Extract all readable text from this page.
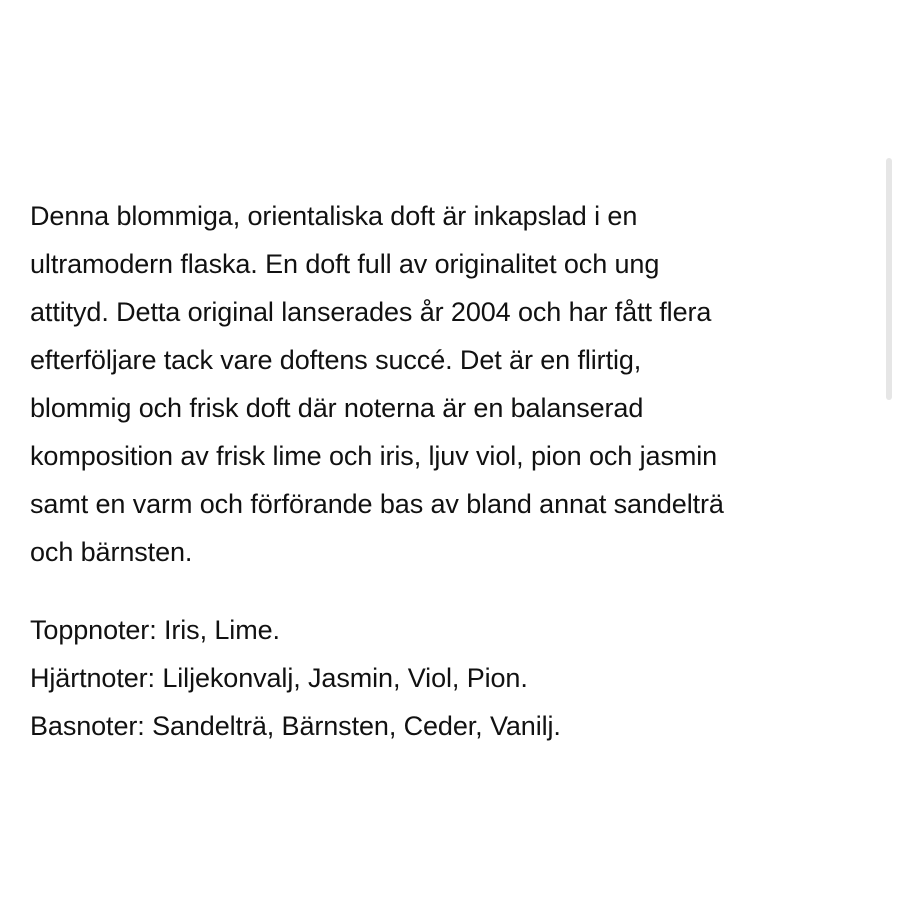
Denna blommiga, orientaliska doft är inkapslad i en
ultramodern flaska. En doft full av originalitet och ung
attityd. Detta original lanserades år 2004 och har fått flera
efterföljare tack vare doftens succé. Det är en flirtig,
blommig och frisk doft där noterna är en balanserad
komposition av frisk lime och iris, ljuv viol, pion och jasmin
samt en varm och förförande bas av bland annat sandelträ
och bärnsten.
Toppnoter: Iris, Lime.
Hjärtnoter: Liljekonvalj, Jasmin, Viol, Pion.
Basnoter: Sandelträ, Bärnsten, Ceder, Vanilj.
